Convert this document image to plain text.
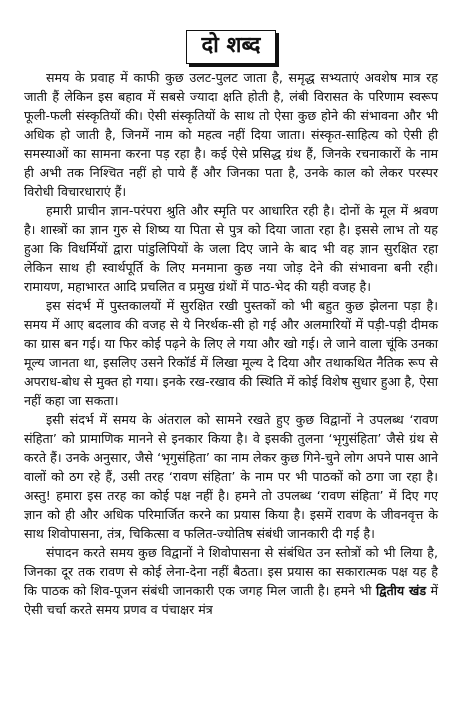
दो शब्द

समय के प्रवाह में काफी कुछ उलट-पुलट जाता है, समृद्ध सभ्यताएं अवशेष मात्र रह जाती हैं लेकिन इस बहाव में सबसे ज्यादा क्षति होती है, लंबी विरासत के परिणाम स्वरूप फूली-फली संस्कृतियों की। ऐसी संस्कृतियों के साथ तो ऐसा कुछ होने की संभावना और भी अधिक हो जाती है, जिनमें नाम को महत्व नहीं दिया जाता। संस्कृत-साहित्य को ऐसी ही समस्याओं का सामना करना पड़ रहा है। कई ऐसे प्रसिद्ध ग्रंथ हैं, जिनके रचनाकारों के नाम ही अभी तक निश्चित नहीं हो पाये हैं और जिनका पता है, उनके काल को लेकर परस्पर विरोधी विचारधाराएं हैं।

हमारी प्राचीन ज्ञान-परंपरा श्रुति और स्मृति पर आधारित रही है। दोनों के मूल में श्रवण है। शास्त्रों का ज्ञान गुरु से शिष्य या पिता से पुत्र को दिया जाता रहा है। इससे लाभ तो यह हुआ कि विधर्मियों द्वारा पांडुलिपियों के जला दिए जाने के बाद भी वह ज्ञान सुरक्षित रहा लेकिन साथ ही स्वार्थपूर्ति के लिए मनमाना कुछ नया जोड़ देने की संभावना बनी रही। रामायण, महाभारत आदि प्रचलित व प्रमुख ग्रंथों में पाठ-भेद की यही वजह है।

इस संदर्भ में पुस्तकालयों में सुरक्षित रखी पुस्तकों को भी बहुत कुछ झेलना पड़ा है। समय में आए बदलाव की वजह से ये निरर्थक-सी हो गई और अलमारियों में पड़ी-पड़ी दीमक का ग्रास बन गई। या फिर कोई पढ़ने के लिए ले गया और खो गई। ले जाने वाला चूंकि उनका मूल्य जानता था, इसलिए उसने रिकॉर्ड में लिखा मूल्य दे दिया और तथाकथित नैतिक रूप से अपराध-बोध से मुक्त हो गया। इनके रख-रखाव की स्थिति में कोई विशेष सुधार हुआ है, ऐसा नहीं कहा जा सकता।

इसी संदर्भ में समय के अंतराल को सामने रखते हुए कुछ विद्वानों ने उपलब्ध ‘रावण संहिता’ को प्रामाणिक मानने से इनकार किया है। वे इसकी तुलना ‘भृगुसंहिता’ जैसे ग्रंथ से करते हैं। उनके अनुसार, जैसे ‘भृगुसंहिता’ का नाम लेकर कुछ गिने-चुने लोग अपने पास आने वालों को ठग रहे हैं, उसी तरह ‘रावण संहिता’ के नाम पर भी पाठकों को ठगा जा रहा है। अस्तु! हमारा इस तरह का कोई पक्ष नहीं है। हमने तो उपलब्ध ‘रावण संहिता’ में दिए गए ज्ञान को ही और अधिक परिमार्जित करने का प्रयास किया है। इसमें रावण के जीवनवृत्त के साथ शिवोपासना, तंत्र, चिकित्सा व फलित-ज्योतिष संबंधी जानकारी दी गई है।

संपादन करते समय कुछ विद्वानों ने शिवोपासना से संबंधित उन स्तोत्रों को भी लिया है, जिनका दूर तक रावण से कोई लेना-देना नहीं बैठता। इस प्रयास का सकारात्मक पक्ष यह है कि पाठक को शिव-पूजन संबंधी जानकारी एक जगह मिल जाती है। हमने भी द्वितीय खंड में ऐसी चर्चा करते समय प्रणव व पंचाक्षर मंत्र
